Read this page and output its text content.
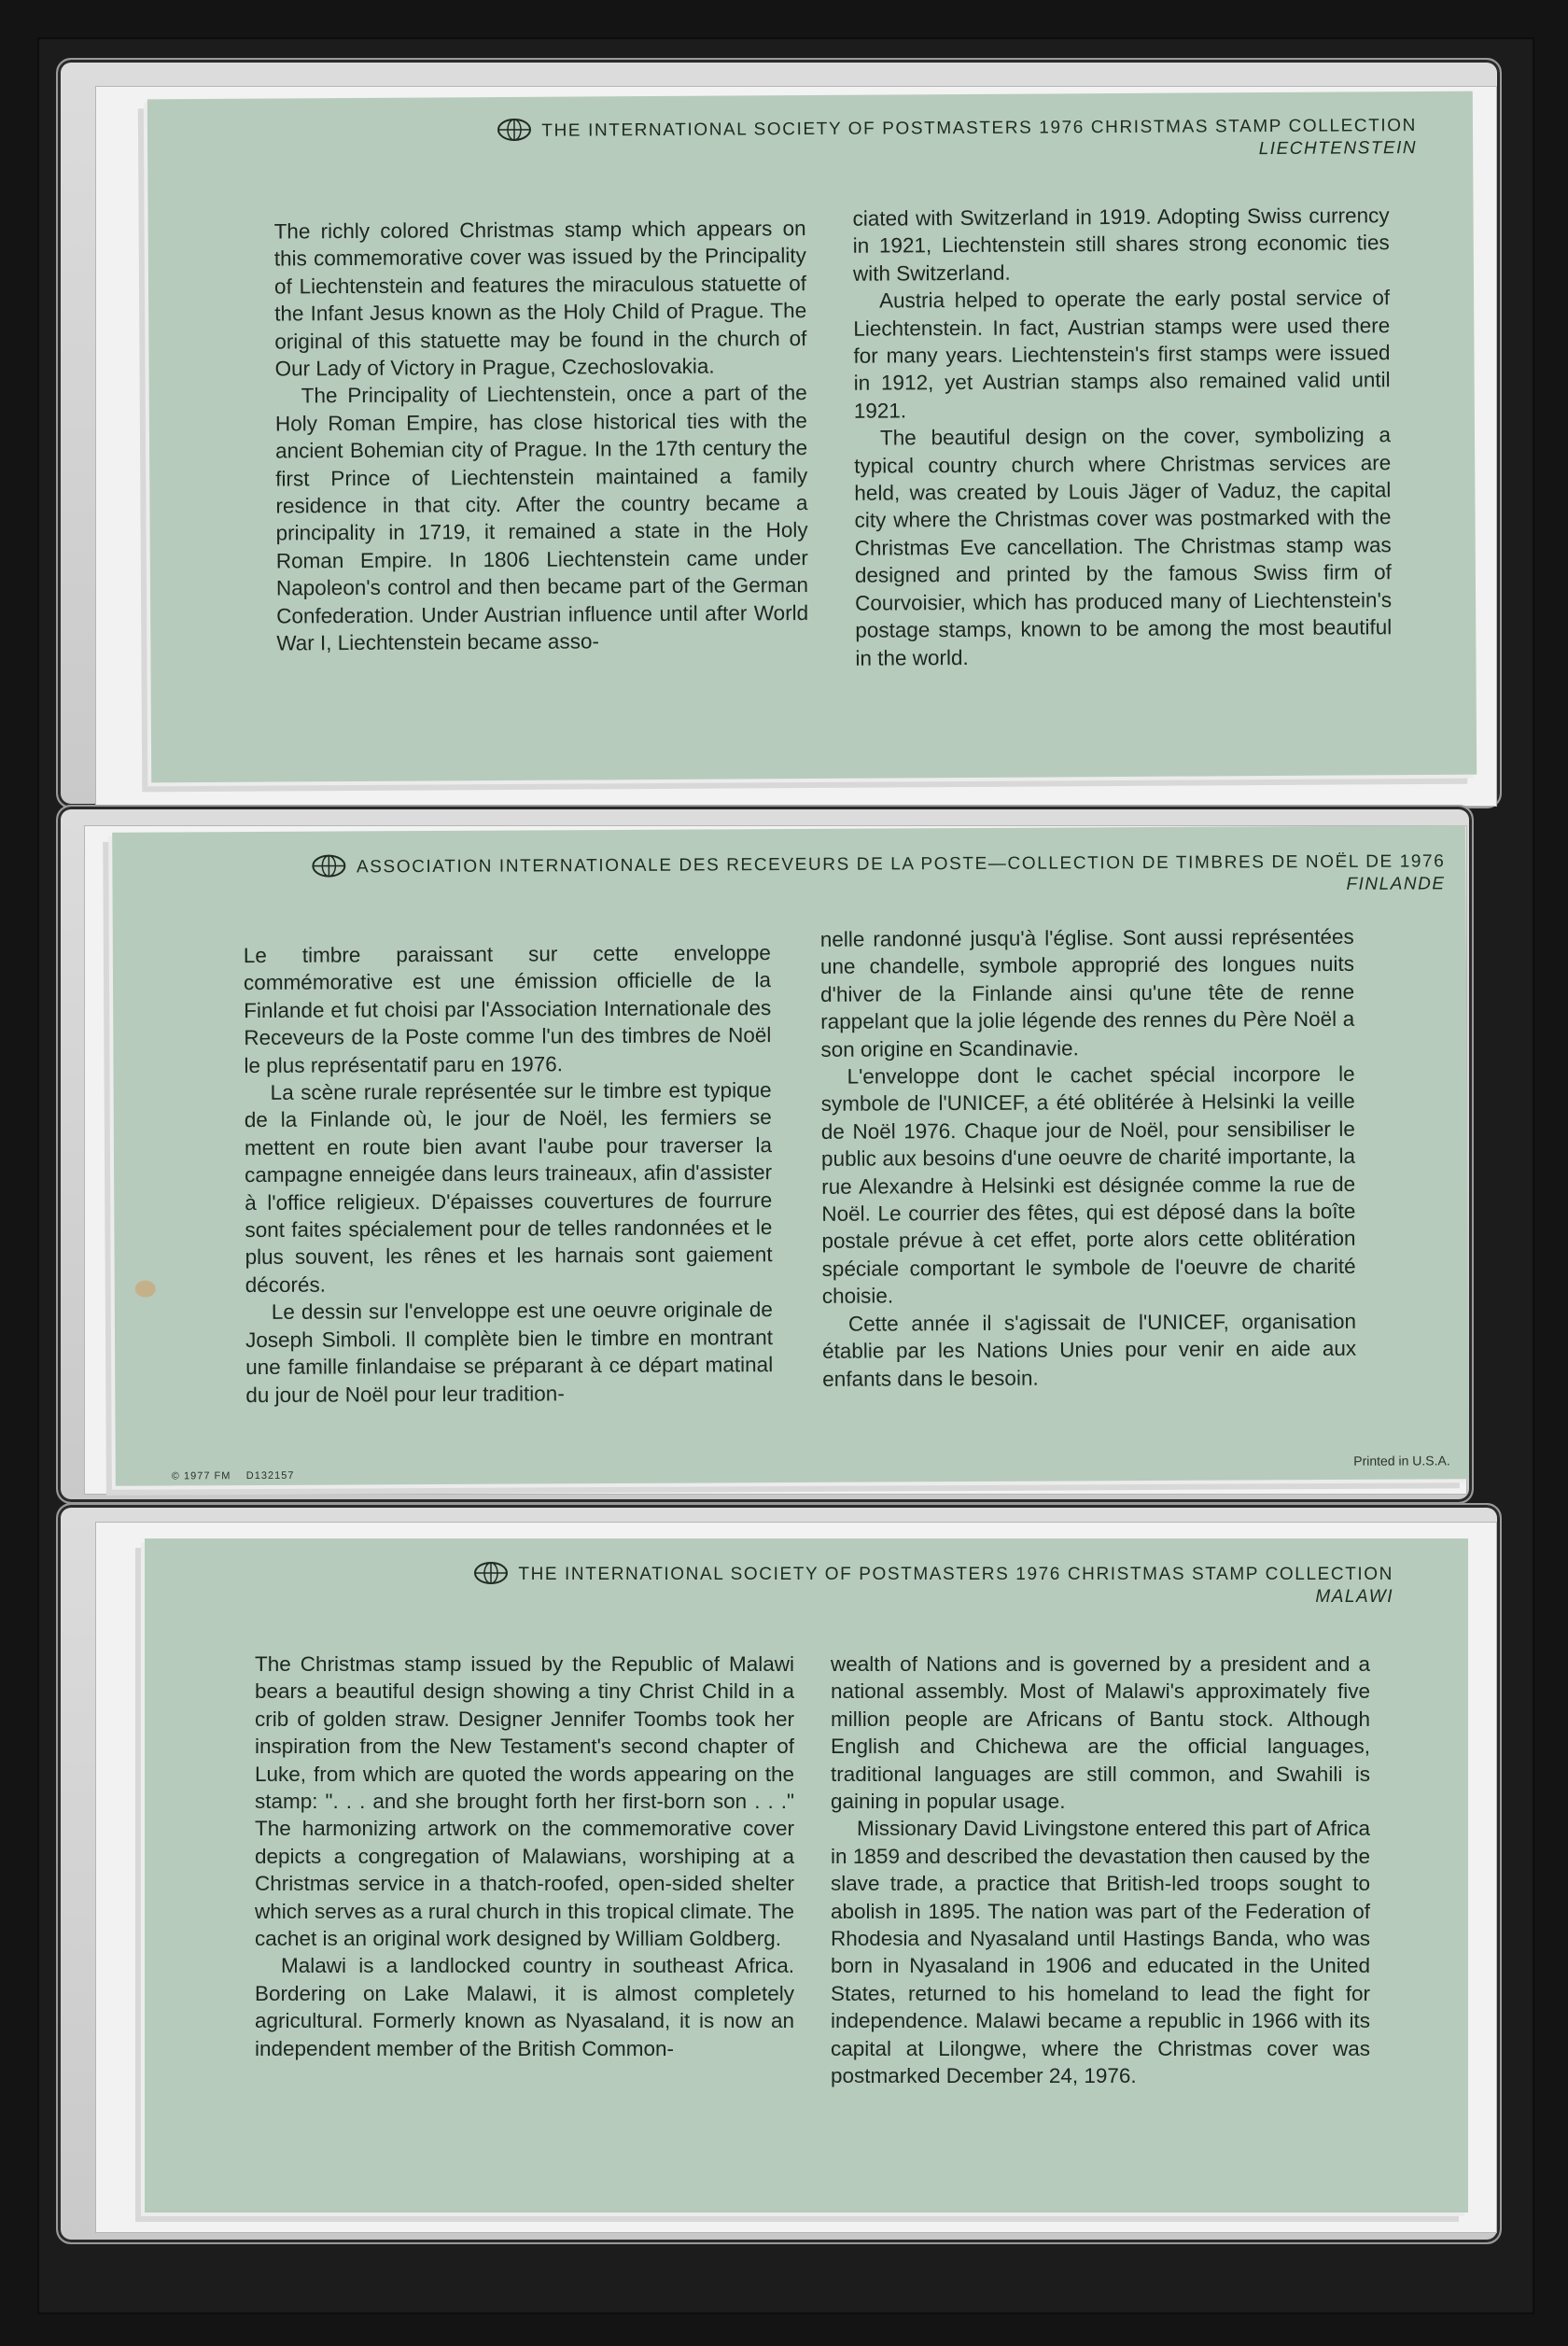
THE INTERNATIONAL SOCIETY OF POSTMASTERS 1976 CHRISTMAS STAMP COLLECTION
LIECHTENSTEIN

The richly colored Christmas stamp which appears on this commemorative cover was issued by the Principality of Liechtenstein and features the miraculous statuette of the Infant Jesus known as the Holy Child of Prague. The original of this statuette may be found in the church of Our Lady of Victory in Prague, Czechoslovakia.

The Principality of Liechtenstein, once a part of the Holy Roman Empire, has close historical ties with the ancient Bohemian city of Prague. In the 17th century the first Prince of Liechtenstein maintained a family residence in that city. After the country became a principality in 1719, it remained a state in the Holy Roman Empire. In 1806 Liechtenstein came under Napoleon's control and then became part of the German Confederation. Under Austrian influence until after World War I, Liechtenstein became asso-

ciated with Switzerland in 1919. Adopting Swiss currency in 1921, Liechtenstein still shares strong economic ties with Switzerland.

Austria helped to operate the early postal service of Liechtenstein. In fact, Austrian stamps were used there for many years. Liechtenstein's first stamps were issued in 1912, yet Austrian stamps also remained valid until 1921.

The beautiful design on the cover, symbolizing a typical country church where Christmas services are held, was created by Louis Jäger of Vaduz, the capital city where the Christmas cover was postmarked with the Christmas Eve cancellation. The Christmas stamp was designed and printed by the famous Swiss firm of Courvoisier, which has produced many of Liechtenstein's postage stamps, known to be among the most beautiful in the world.

ASSOCIATION INTERNATIONALE DES RECEVEURS DE LA POSTE—COLLECTION DE TIMBRES DE NOËL DE 1976
FINLANDE

Le timbre paraissant sur cette enveloppe commémorative est une émission officielle de la Finlande et fut choisi par l'Association Internationale des Receveurs de la Poste comme l'un des timbres de Noël le plus représentatif paru en 1976.

La scène rurale représentée sur le timbre est typique de la Finlande où, le jour de Noël, les fermiers se mettent en route bien avant l'aube pour traverser la campagne enneigée dans leurs traineaux, afin d'assister à l'office religieux. D'épaisses couvertures de fourrure sont faites spécialement pour de telles randonnées et le plus souvent, les rênes et les harnais sont gaiement décorés.

Le dessin sur l'enveloppe est une oeuvre originale de Joseph Simboli. Il complète bien le timbre en montrant une famille finlandaise se préparant à ce départ matinal du jour de Noël pour leur tradition-

nelle randonné jusqu'à l'église. Sont aussi représentées une chandelle, symbole approprié des longues nuits d'hiver de la Finlande ainsi qu'une tête de renne rappelant que la jolie légende des rennes du Père Noël a son origine en Scandinavie.

L'enveloppe dont le cachet spécial incorpore le symbole de l'UNICEF, a été oblitérée à Helsinki la veille de Noël 1976. Chaque jour de Noël, pour sensibiliser le public aux besoins d'une oeuvre de charité importante, la rue Alexandre à Helsinki est désignée comme la rue de Noël. Le courrier des fêtes, qui est déposé dans la boîte postale prévue à cet effet, porte alors cette oblitération spéciale comportant le symbole de l'oeuvre de charité choisie.

Cette année il s'agissait de l'UNICEF, organisation établie par les Nations Unies pour venir en aide aux enfants dans le besoin.

© 1977 FM D132157
Printed in U.S.A.
THE INTERNATIONAL SOCIETY OF POSTMASTERS 1976 CHRISTMAS STAMP COLLECTION
MALAWI

The Christmas stamp issued by the Republic of Malawi bears a beautiful design showing a tiny Christ Child in a crib of golden straw. Designer Jennifer Toombs took her inspiration from the New Testament's second chapter of Luke, from which are quoted the words appearing on the stamp: ". . . and she brought forth her first-born son . . ." The harmonizing artwork on the commemorative cover depicts a congregation of Malawians, worshiping at a Christmas service in a thatch-roofed, open-sided shelter which serves as a rural church in this tropical climate. The cachet is an original work designed by William Goldberg.

Malawi is a landlocked country in southeast Africa. Bordering on Lake Malawi, it is almost completely agricultural. Formerly known as Nyasaland, it is now an independent member of the British Common-

wealth of Nations and is governed by a president and a national assembly. Most of Malawi's approximately five million people are Africans of Bantu stock. Although English and Chichewa are the official languages, traditional languages are still common, and Swahili is gaining in popular usage.

Missionary David Livingstone entered this part of Africa in 1859 and described the devastation then caused by the slave trade, a practice that British-led troops sought to abolish in 1895. The nation was part of the Federation of Rhodesia and Nyasaland until Hastings Banda, who was born in Nyasaland in 1906 and educated in the United States, returned to his homeland to lead the fight for independence. Malawi became a republic in 1966 with its capital at Lilongwe, where the Christmas cover was postmarked December 24, 1976.
